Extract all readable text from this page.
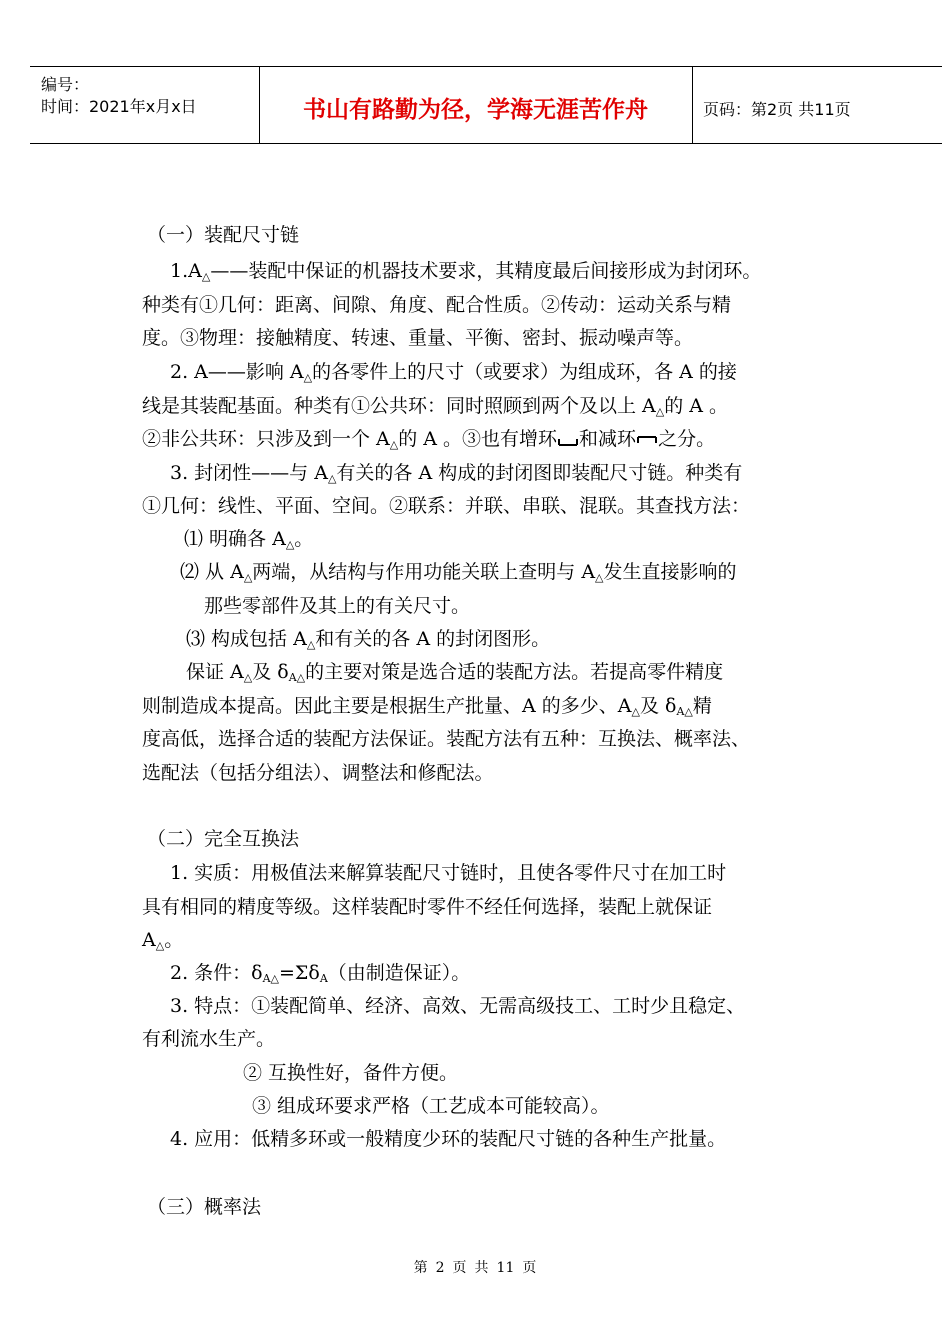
编号：
时间：2021年x月x日	书山有路勤为径，学海无涯苦作舟	页码：第2页 共11页
（一）装配尺寸链
$1.A_\triangle——$装配中保证的机器技术要求，其精度最后间接形成为封闭环。
种类有①几何：距离、间隙、角度、配合性质。②传动：运动关系与精
度。③物理：接触精度、转速、重量、平衡、密封、振动噪声等。
2. A——影响 $A_\triangle$的各零件上的尺寸（或要求）为组成环，各 A 的接
线是其装配基面。种类有①公共环：同时照顾到两个及以上 $A_\triangle$的 A 。
②非公共环：只涉及到一个 $A_\triangle$的 A 。③也有增环 和减环 之分。
3. 封闭性——与 $A_\triangle$有关的各 A 构成的封闭图即装配尺寸链。种类有
①几何：线性、平面、空间。②联系：并联、串联、混联。其查找方法：
⑴ 明确各 $A_\triangle$。
⑵ 从 $A_\triangle$两端，从结构与作用功能关联上查明与 $A_\triangle$发生直接影响的
那些零部件及其上的有关尺寸。
⑶ 构成包括 $A_\triangle$和有关的各 A 的封闭图形。
保证 $A_\triangle$及 $\delta_{A\triangle}$的主要对策是选合适的装配方法。若提高零件精度
则制造成本提高。因此主要是根据生产批量、A 的多少、$A_\triangle$及 $\delta_{A\triangle}$精
度高低，选择合适的装配方法保证。装配方法有五种：互换法、概率法、
选配法（包括分组法）、调整法和修配法。
（二）完全互换法
1. 实质：用极值法来解算装配尺寸链时，且使各零件尺寸在加工时
具有相同的精度等级。这样装配时零件不经任何选择，装配上就保证
$A_\triangle$。
2. 条件：$\delta_{A\triangle}=\Sigma\delta_A$（由制造保证）。
3. 特点：①装配简单、经济、高效、无需高级技工、工时少且稳定、
有利流水生产。
② 互换性好，备件方便。
③ 组成环要求严格（工艺成本可能较高）。
4. 应用：低精多环或一般精度少环的装配尺寸链的各种生产批量。
（三）概率法
第 2 页 共 11 页
